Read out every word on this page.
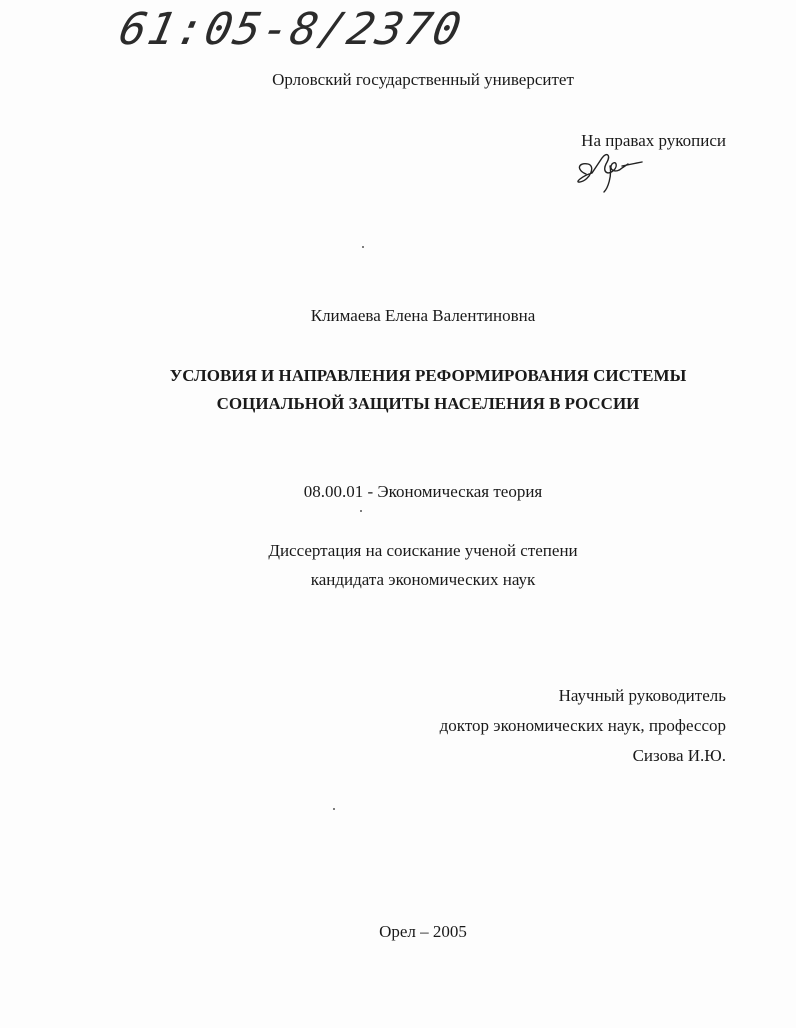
61:05-8/2370
Орловский государственный университет
На правах рукописи
Климаева Елена Валентиновна
УСЛОВИЯ И НАПРАВЛЕНИЯ РЕФОРМИРОВАНИЯ СИСТЕМЫ
СОЦИАЛЬНОЙ ЗАЩИТЫ НАСЕЛЕНИЯ В РОССИИ
08.00.01 - Экономическая теория
Диссертация на соискание ученой степени
кандидата экономических наук
Научный руководитель
доктор экономических наук, профессор
Сизова И.Ю.
Орел – 2005
